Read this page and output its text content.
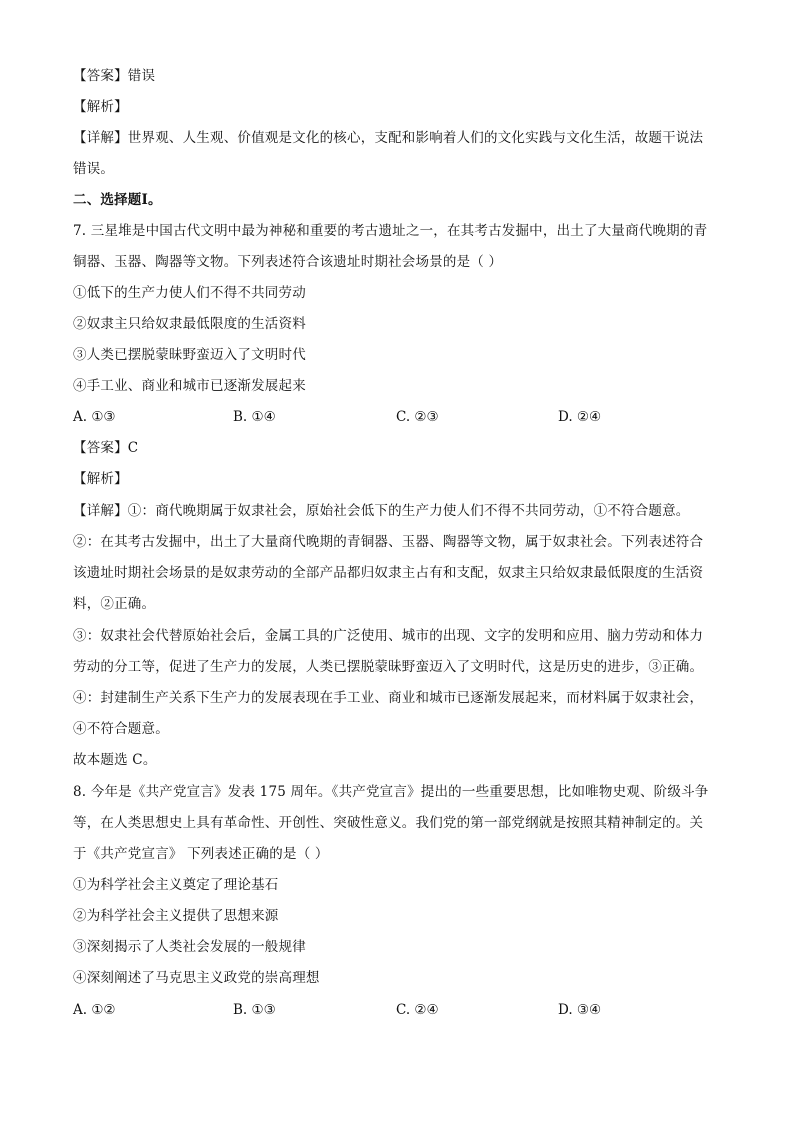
【答案】错误
【解析】
【详解】世界观、人生观、价值观是文化的核心，支配和影响着人们的文化实践与文化生活，故题干说法
错误。
二、选择题Ⅰ。
7. 三星堆是中国古代文明中最为神秘和重要的考古遗址之一，在其考古发掘中，出土了大量商代晚期的青
铜器、玉器、陶器等文物。下列表述符合该遗址时期社会场景的是（ ）
①低下的生产力使人们不得不共同劳动
②奴隶主只给奴隶最低限度的生活资料
③人类已摆脱蒙昧野蛮迈入了文明时代
④手工业、商业和城市已逐渐发展起来
A. ①③	B. ①④	C. ②③	D. ②④
【答案】C
【解析】
【详解】①：商代晚期属于奴隶社会，原始社会低下的生产力使人们不得不共同劳动，①不符合题意。
②：在其考古发掘中，出土了大量商代晚期的青铜器、玉器、陶器等文物，属于奴隶社会。下列表述符合
该遗址时期社会场景的是奴隶劳动的全部产品都归奴隶主占有和支配，奴隶主只给奴隶最低限度的生活资
料，②正确。
③：奴隶社会代替原始社会后，金属工具的广泛使用、城市的出现、文字的发明和应用、脑力劳动和体力
劳动的分工等，促进了生产力的发展，人类已摆脱蒙昧野蛮迈入了文明时代，这是历史的进步，③正确。
④：封建制生产关系下生产力的发展表现在手工业、商业和城市已逐渐发展起来，而材料属于奴隶社会，
④不符合题意。
故本题选 C。
8. 今年是《共产党宣言》发表 175 周年。《共产党宣言》提出的一些重要思想，比如唯物史观、阶级斗争
等，在人类思想史上具有革命性、开创性、突破性意义。我们党的第一部党纲就是按照其精神制定的。关
于《共产党宣言》 下列表述正确的是（ ）
①为科学社会主义奠定了理论基石
②为科学社会主义提供了思想来源
③深刻揭示了人类社会发展的一般规律
④深刻阐述了马克思主义政党的崇高理想
A. ①②	B. ①③	C. ②④	D. ③④
